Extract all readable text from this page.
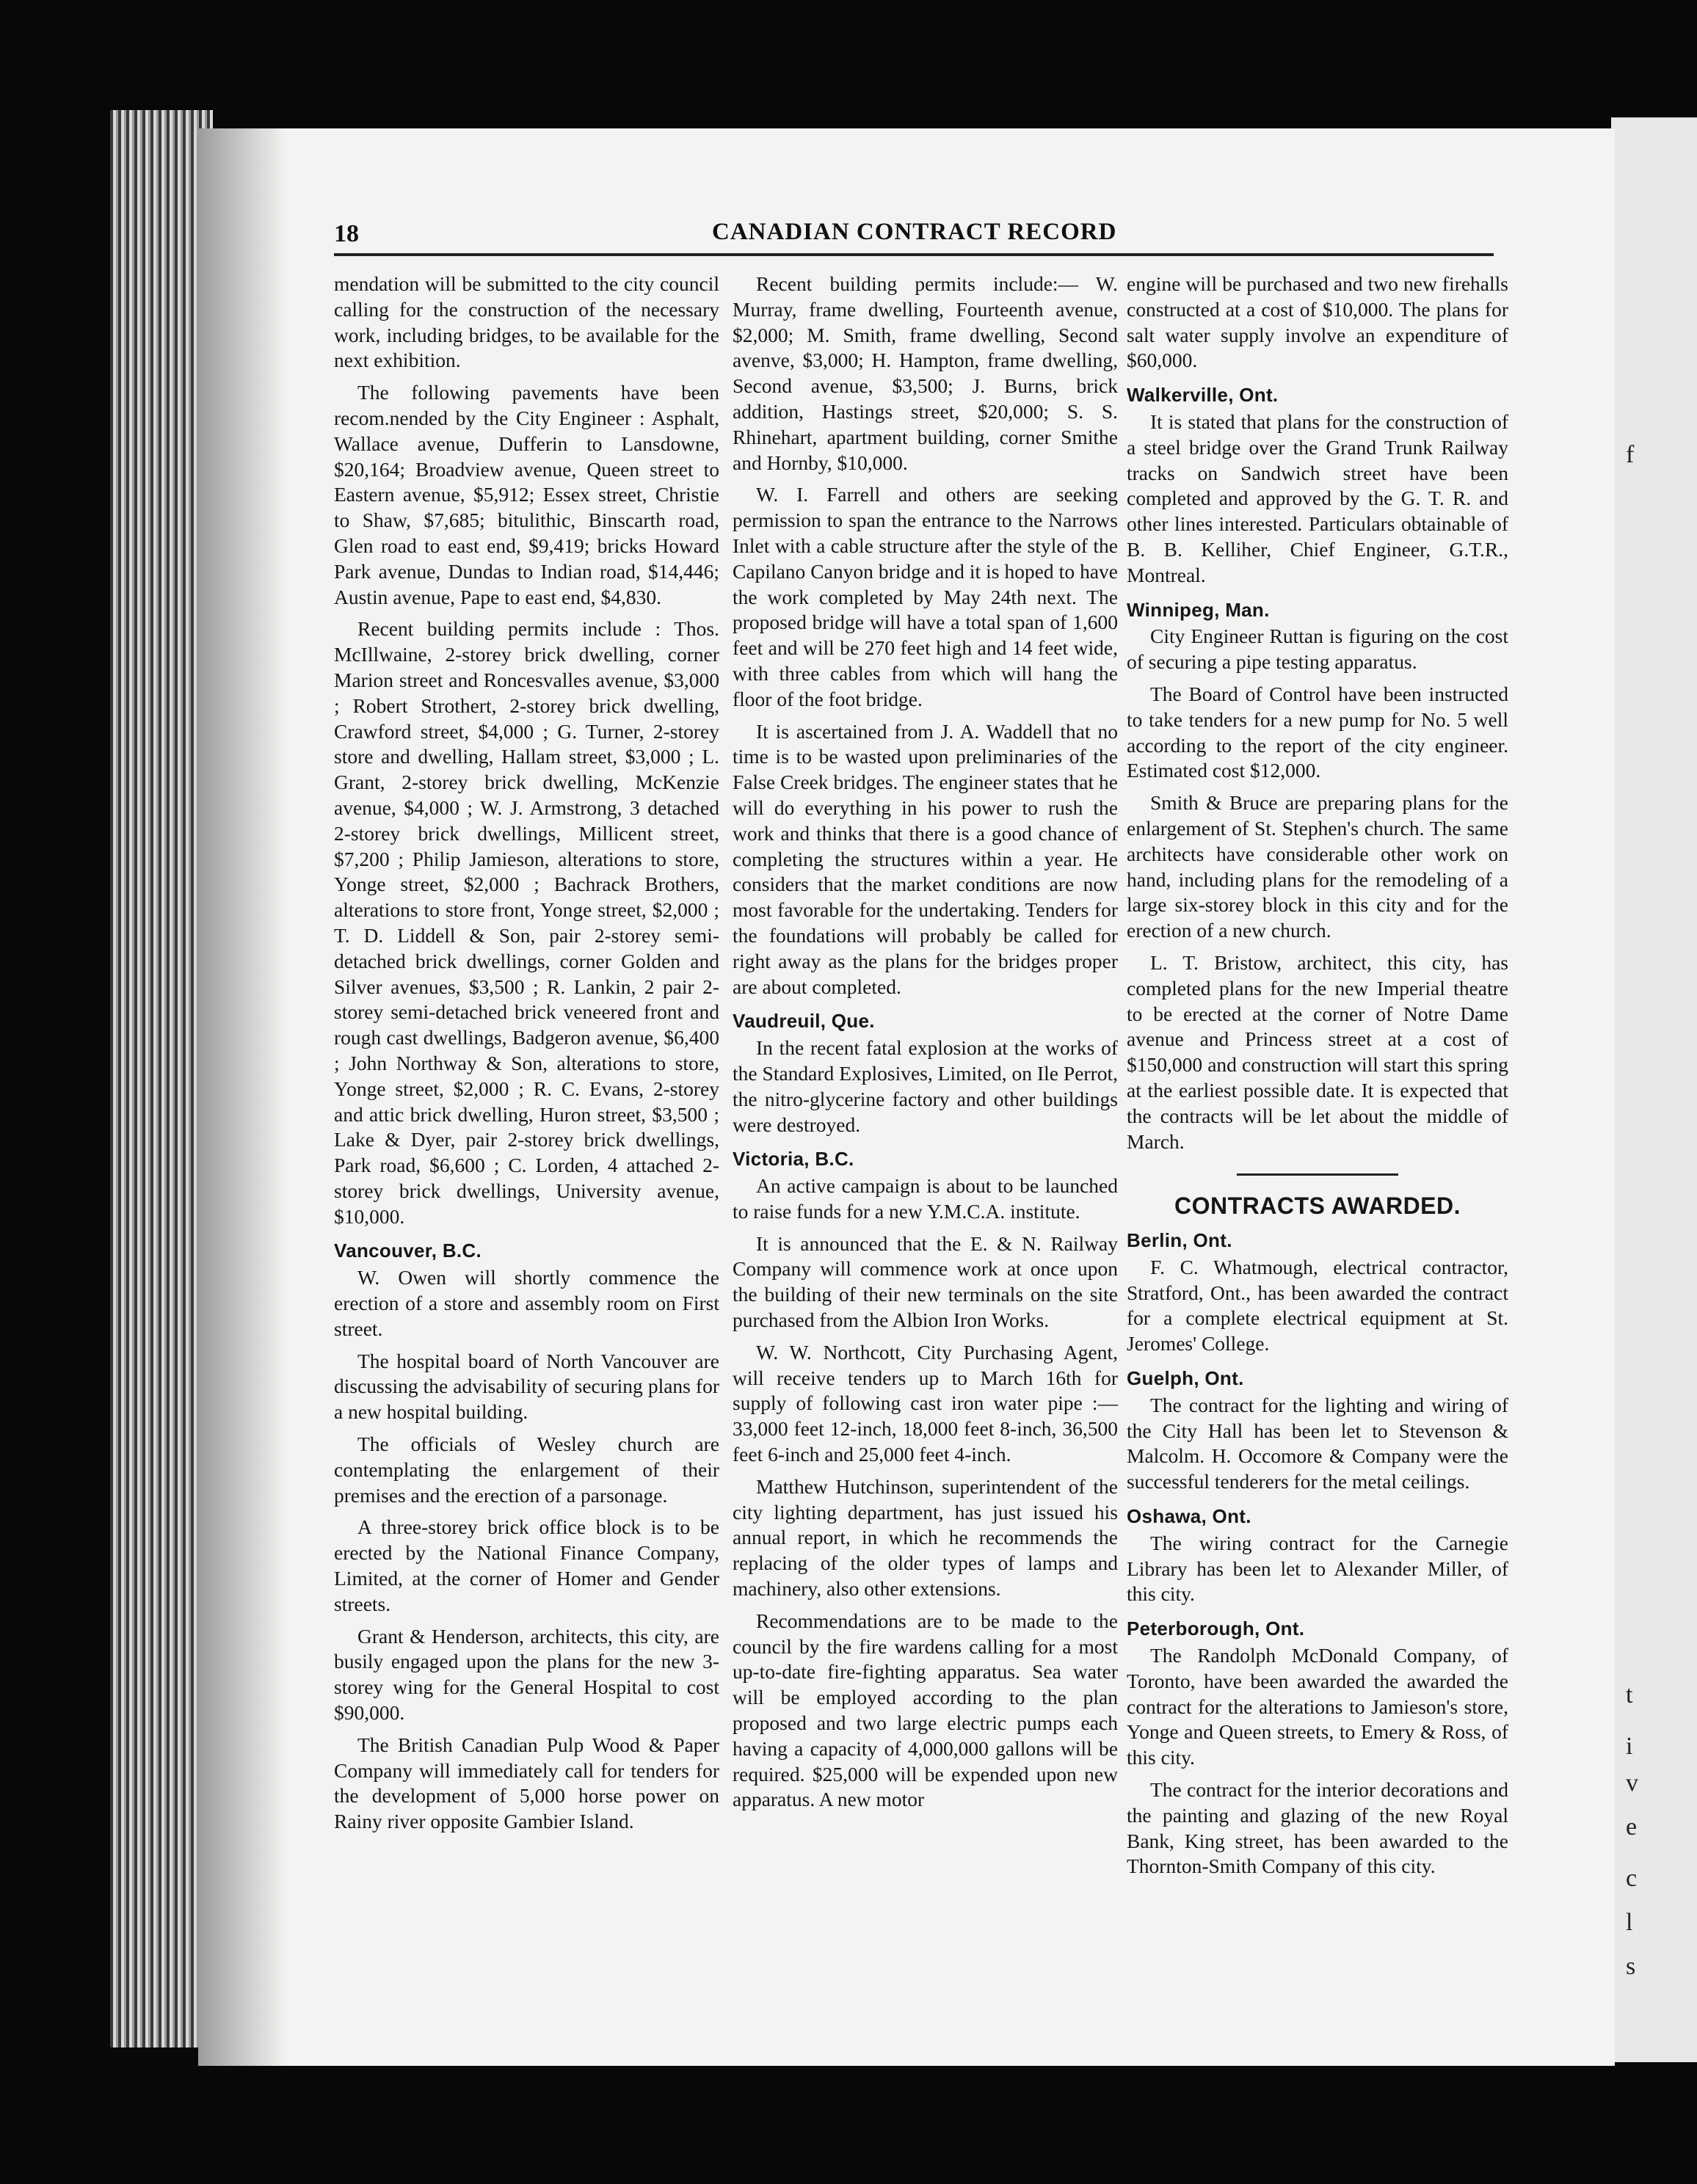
f
t
i
v
e
c
l
s
18	CANADIAN CONTRACT RECORD

mendation will be submitted to the city council calling for the construction of the necessary work, including bridges, to be available for the next exhibition.

The following pavements have been recom.nended by the City Engineer : Asphalt, Wallace avenue, Dufferin to Lansdowne, $20,164; Broadview avenue, Queen street to Eastern avenue, $5,912; Essex street, Christie to Shaw, $7,685; bitulithic, Binscarth road, Glen road to east end, $9,419; bricks Howard Park avenue, Dundas to Indian road, $14,446; Austin avenue, Pape to east end, $4,830.

Recent building permits include : Thos. McIllwaine, 2-storey brick dwelling, corner Marion street and Roncesvalles avenue, $3,000 ; Robert Strothert, 2-storey brick dwelling, Crawford street, $4,000 ; G. Turner, 2-storey store and dwelling, Hallam street, $3,000 ; L. Grant, 2-storey brick dwelling, McKenzie avenue, $4,000 ; W. J. Armstrong, 3 detached 2-storey brick dwellings, Millicent street, $7,200 ; Philip Jamieson, alterations to store, Yonge street, $2,000 ; Bachrack Brothers, alterations to store front, Yonge street, $2,000 ; T. D. Liddell & Son, pair 2-storey semi-detached brick dwellings, corner Golden and Silver avenues, $3,500 ; R. Lankin, 2 pair 2-storey semi-detached brick veneered front and rough cast dwellings, Badgeron avenue, $6,400 ; John Northway & Son, alterations to store, Yonge street, $2,000 ; R. C. Evans, 2-storey and attic brick dwelling, Huron street, $3,500 ; Lake & Dyer, pair 2-storey brick dwellings, Park road, $6,600 ; C. Lorden, 4 attached 2-storey brick dwellings, University avenue, $10,000.

Vancouver, B.C.

W. Owen will shortly commence the erection of a store and assembly room on First street.

The hospital board of North Vancouver are discussing the advisability of securing plans for a new hospital building.

The officials of Wesley church are contemplating the enlargement of their premises and the erection of a parsonage.

A three-storey brick office block is to be erected by the National Finance Company, Limited, at the corner of Homer and Gender streets.

Grant & Henderson, architects, this city, are busily engaged upon the plans for the new 3-storey wing for the General Hospital to cost $90,000.

The British Canadian Pulp Wood & Paper Company will immediately call for tenders for the development of 5,000 horse power on Rainy river opposite Gambier Island.

Recent building permits include:— W. Murray, frame dwelling, Fourteenth avenue, $2,000; M. Smith, frame dwelling, Second avenve, $3,000; H. Hampton, frame dwelling, Second avenue, $3,500; J. Burns, brick addition, Hastings street, $20,000; S. S. Rhinehart, apartment building, corner Smithe and Hornby, $10,000.

W. I. Farrell and others are seeking permission to span the entrance to the Narrows Inlet with a cable structure after the style of the Capilano Canyon bridge and it is hoped to have the work completed by May 24th next. The proposed bridge will have a total span of 1,600 feet and will be 270 feet high and 14 feet wide, with three cables from which will hang the floor of the foot bridge.

It is ascertained from J. A. Waddell that no time is to be wasted upon preliminaries of the False Creek bridges. The engineer states that he will do everything in his power to rush the work and thinks that there is a good chance of completing the structures within a year. He considers that the market conditions are now most favorable for the undertaking. Tenders for the foundations will probably be called for right away as the plans for the bridges proper are about completed.

Vaudreuil, Que.

In the recent fatal explosion at the works of the Standard Explosives, Limited, on Ile Perrot, the nitro-glycerine factory and other buildings were destroyed.

Victoria, B.C.

An active campaign is about to be launched to raise funds for a new Y.M.C.A. institute.

It is announced that the E. & N. Railway Company will commence work at once upon the building of their new terminals on the site purchased from the Albion Iron Works.

W. W. Northcott, City Purchasing Agent, will receive tenders up to March 16th for supply of following cast iron water pipe :—33,000 feet 12-inch, 18,000 feet 8-inch, 36,500 feet 6-inch and 25,000 feet 4-inch.

Matthew Hutchinson, superintendent of the city lighting department, has just issued his annual report, in which he recommends the replacing of the older types of lamps and machinery, also other extensions.

Recommendations are to be made to the council by the fire wardens calling for a most up-to-date fire-fighting apparatus. Sea water will be employed according to the plan proposed and two large electric pumps each having a capacity of 4,000,000 gallons will be required. $25,000 will be expended upon new apparatus. A new motor

engine will be purchased and two new firehalls constructed at a cost of $10,000. The plans for salt water supply involve an expenditure of $60,000.

Walkerville, Ont.

It is stated that plans for the construction of a steel bridge over the Grand Trunk Railway tracks on Sandwich street have been completed and approved by the G. T. R. and other lines interested. Particulars obtainable of B. B. Kelliher, Chief Engineer, G.T.R., Montreal.

Winnipeg, Man.

City Engineer Ruttan is figuring on the cost of securing a pipe testing apparatus.

The Board of Control have been instructed to take tenders for a new pump for No. 5 well according to the report of the city engineer. Estimated cost $12,000.

Smith & Bruce are preparing plans for the enlargement of St. Stephen's church. The same architects have considerable other work on hand, including plans for the remodeling of a large six-storey block in this city and for the erection of a new church.

L. T. Bristow, architect, this city, has completed plans for the new Imperial theatre to be erected at the corner of Notre Dame avenue and Princess street at a cost of $150,000 and construction will start this spring at the earliest possible date. It is expected that the contracts will be let about the middle of March.

CONTRACTS AWARDED.

Berlin, Ont.

F. C. Whatmough, electrical contractor, Stratford, Ont., has been awarded the contract for a complete electrical equipment at St. Jeromes' College.

Guelph, Ont.

The contract for the lighting and wiring of the City Hall has been let to Stevenson & Malcolm. H. Occomore & Company were the successful tenderers for the metal ceilings.

Oshawa, Ont.

The wiring contract for the Carnegie Library has been let to Alexander Miller, of this city.

Peterborough, Ont.

The Randolph McDonald Company, of Toronto, have been awarded the awarded the contract for the alterations to Jamieson's store, Yonge and Queen streets, to Emery & Ross, of this city.

The contract for the interior decorations and the painting and glazing of the new Royal Bank, King street, has been awarded to the Thornton-Smith Company of this city.
